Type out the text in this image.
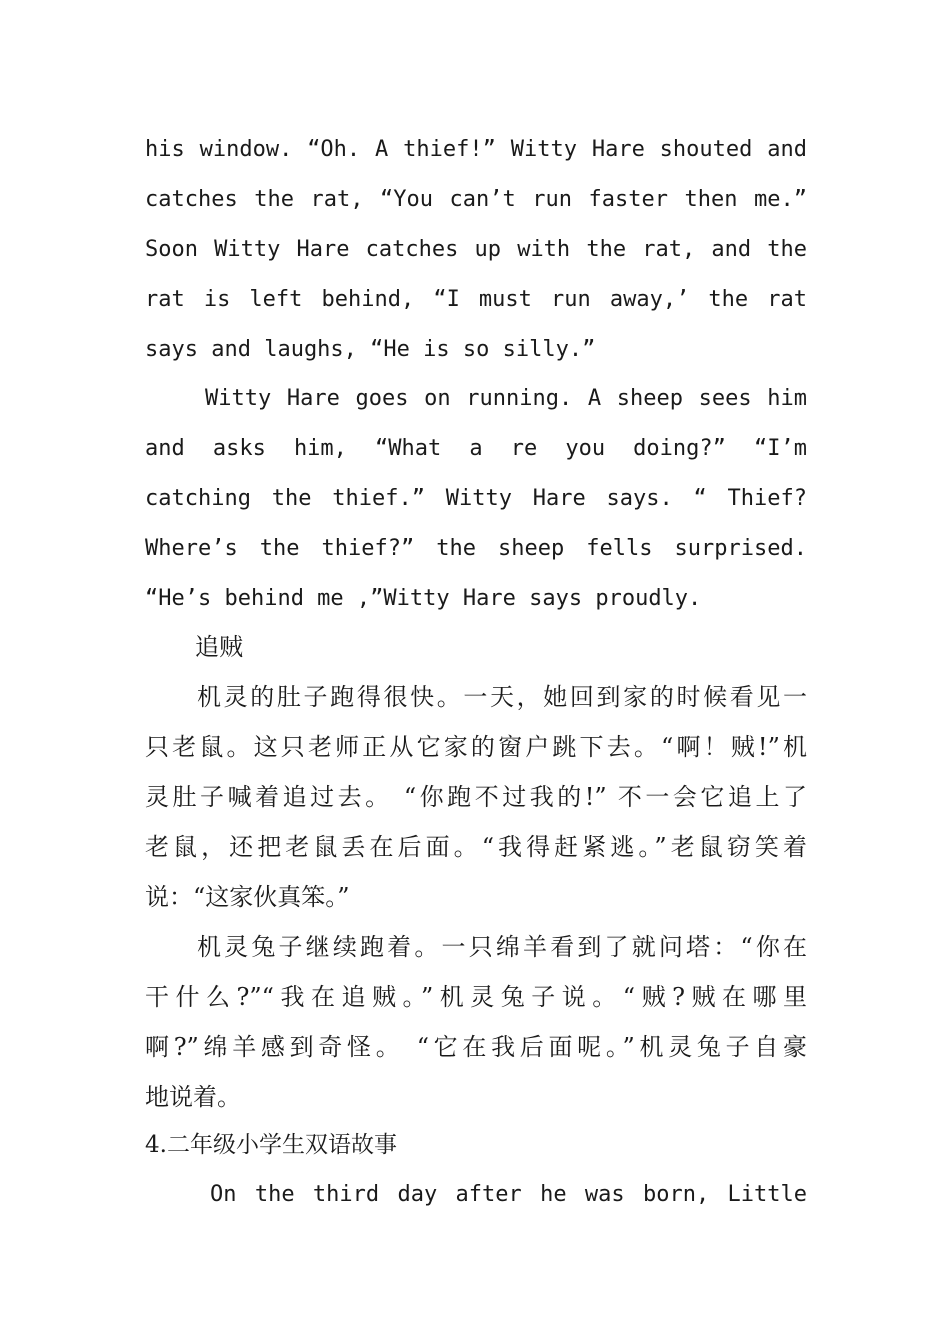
his window. “Oh. A thief!” Witty Hare shouted and
catches the rat, “You can’t run faster then me.”
Soon Witty Hare catches up with the rat, and the
rat is left behind, “I must run away,’ the rat
says and laughs, “He is so silly.”
Witty Hare goes on running. A sheep sees him
and asks him, “What a re you doing?” “I’m
catching the thief.” Witty Hare says. “ Thief?
Where’s the thief?” the sheep fells surprised.
“He’s behind me ,”Witty Hare says proudly.
追贼
机灵的肚子跑得很快。一天，她回到家的时候看见一
只老鼠。这只老师正从它家的窗户跳下去。“啊！贼!”机
灵肚子喊着追过去。 “你跑不过我的!” 不一会它追上了
老鼠，还把老鼠丢在后面。“我得赶紧逃。”老鼠窃笑着
说：“这家伙真笨。”
机灵兔子继续跑着。一只绵羊看到了就问塔：“你在
干什么?”“我在追贼。”机灵兔子说。“贼?贼在哪里
啊?”绵羊感到奇怪。 “它在我后面呢。”机灵兔子自豪
地说着。
4.二年级小学生双语故事
On the third day after he was born, Little
